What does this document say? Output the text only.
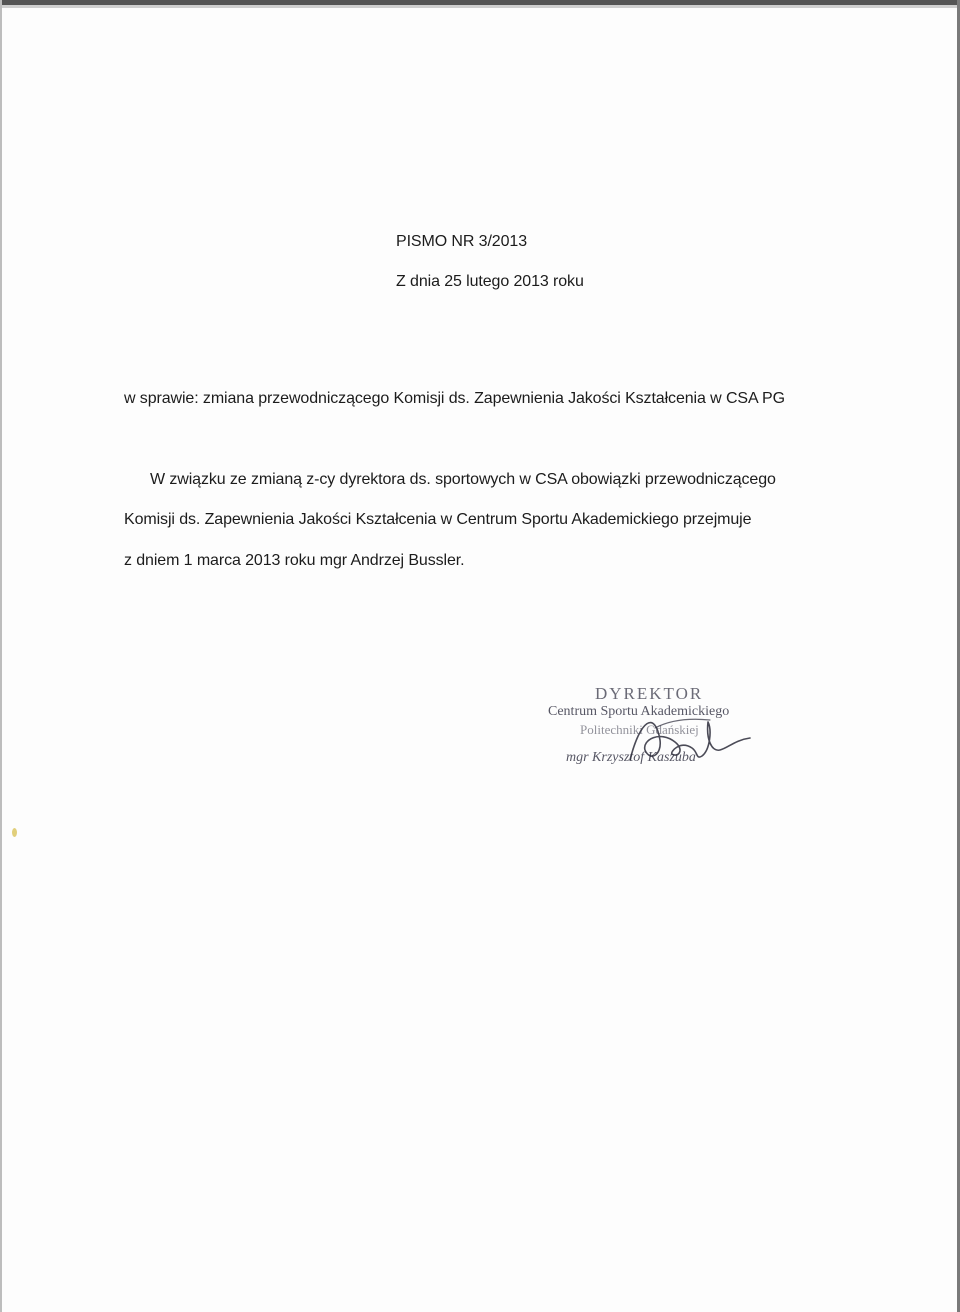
PISMO NR 3/2013
Z dnia 25 lutego 2013 roku
w sprawie: zmiana przewodniczącego Komisji ds. Zapewnienia Jakości Kształcenia w CSA PG
W związku ze zmianą z-cy dyrektora ds. sportowych w CSA obowiązki przewodniczącego
Komisji ds. Zapewnienia Jakości Kształcenia w Centrum Sportu Akademickiego przejmuje
z dniem 1 marca 2013 roku mgr Andrzej Bussler.
DYREKTOR
Centrum Sportu Akademickiego
Politechniki Gdańskiej
mgr Krzysztof Kaszuba
